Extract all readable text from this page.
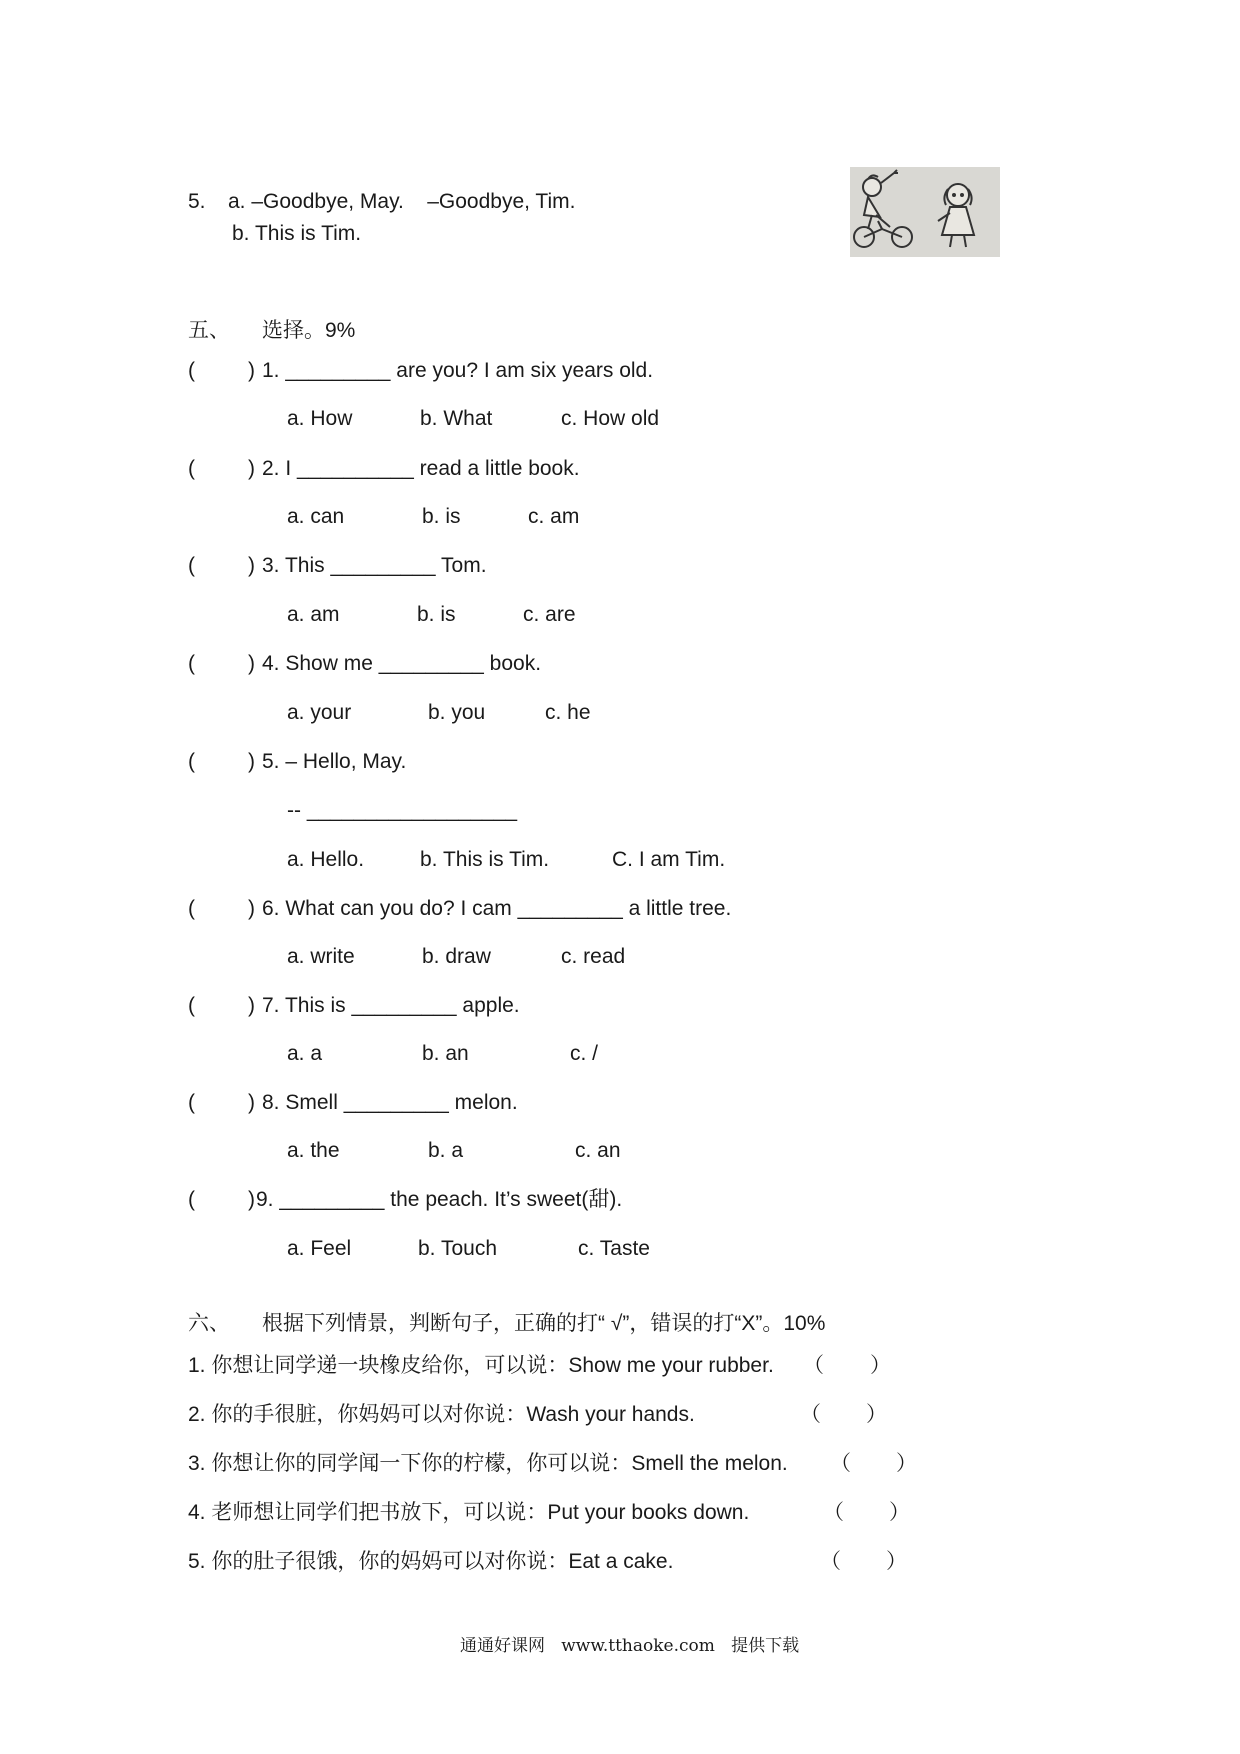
5. a. –Goodbye, May.    –Goodbye, Tim.
b. This is Tim.
五、 选择。9%
(	) 1. _________ are you? I am six years old.
a. How	b. What	c. How old
(	) 2. I __________ read a little book.
a. can	b. is	c. am
(	) 3. This _________ Tom.
a. am	b. is	c. are
(	) 4. Show me _________ book.
a. your	b. you	c. he
(	) 5. – Hello, May.
-- __________________
a. Hello.	b. This is Tim.	C. I am Tim.
(	) 6. What can you do? I cam _________ a little tree.
a. write	b. draw	c. read
(	) 7. This is _________ apple.
a. a	b. an	c. /
(	) 8. Smell _________ melon.
a. the	b. a	c. an
(	) 9. _________ the peach. It’s sweet(甜).
a. Feel	b. Touch	c. Taste
六、 根据下列情景，判断句子，正确的打“ √”，错误的打“X”。10%
1. 你想让同学递一块橡皮给你，可以说：Show me your rubber. （ ）
2. 你的手很脏，你妈妈可以对你说：Wash your hands.	（ ）
3. 你想让你的同学闻一下你的柠檬，你可以说：Smell the melon. （ ）
4. 老师想让同学们把书放下，可以说：Put your books down.	（ ）
5. 你的肚子很饿，你的妈妈可以对你说：Eat a cake.	（ ）
通通好课网   www.tthaoke.com   提供下载
